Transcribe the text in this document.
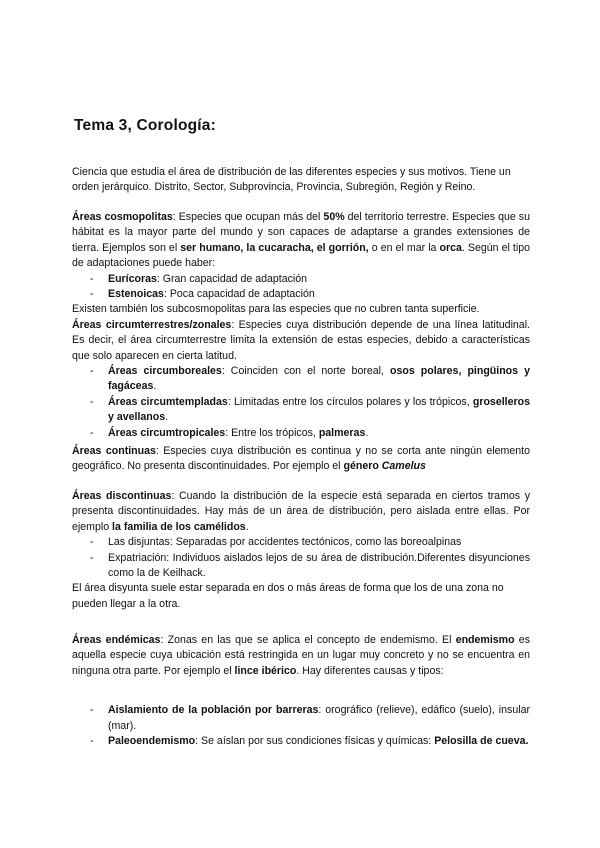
Tema 3, Corología:

Ciencia que estudia el área de distribución de las diferentes especies y sus motivos. Tiene un orden jerárquico. Distrito, Sector, Subprovincia, Provincia, Subregión, Región y Reino.

Áreas cosmopolitas: Especies que ocupan más del 50% del territorio terrestre. Especies que su hábitat es la mayor parte del mundo y son capaces de adaptarse a grandes extensiones de tierra. Ejemplos son el ser humano, la cucaracha, el gorrión, o en el mar la orca. Según el tipo de adaptaciones puede haber:

- Eurícoras: Gran capacidad de adaptación
- Estenoicas: Poca capacidad de adaptación

Existen también los subcosmopolitas para las especies que no cubren tanta superficie.

Áreas circumterrestres/zonales: Especies cuya distribución depende de una línea latitudinal. Es decir, el área circumterrestre limita la extensión de estas especies, debido a características que solo aparecen en cierta latitud.

- Áreas circumboreales: Coinciden con el norte boreal, osos polares, pingüinos y fagáceas.
- Áreas circumtempladas: Limitadas entre los círculos polares y los trópicos, groselleros y avellanos.
- Áreas circumtropicales: Entre los trópicos, palmeras.

Áreas continuas: Especies cuya distribución es continua y no se corta ante ningún elemento geográfico. No presenta discontinuidades. Por ejemplo el género Camelus

Áreas discontinuas: Cuando la distribución de la especie está separada en ciertos tramos y presenta discontinuidades. Hay más de un área de distribución, pero aislada entre ellas. Por ejemplo la familia de los camélidos.

- Las disjuntas: Separadas por accidentes tectónicos, como las boreoalpinas
- Expatriación: Individuos aislados lejos de su área de distribución.Diferentes disyunciones como la de Keilhack.

El área disyunta suele estar separada en dos o más áreas de forma que los de una zona no pueden llegar a la otra.

Áreas endémicas: Zonas en las que se aplica el concepto de endemismo. El endemismo es aquella especie cuya ubicación está restringida en un lugar muy concreto y no se encuentra en ninguna otra parte. Por ejemplo el lince ibérico. Hay diferentes causas y tipos:

- Aislamiento de la población por barreras: orográfico (relieve), edáfico (suelo), insular (mar).
- Paleoendemismo: Se aíslan por sus condiciones físicas y químicas: Pelosilla de cueva.
